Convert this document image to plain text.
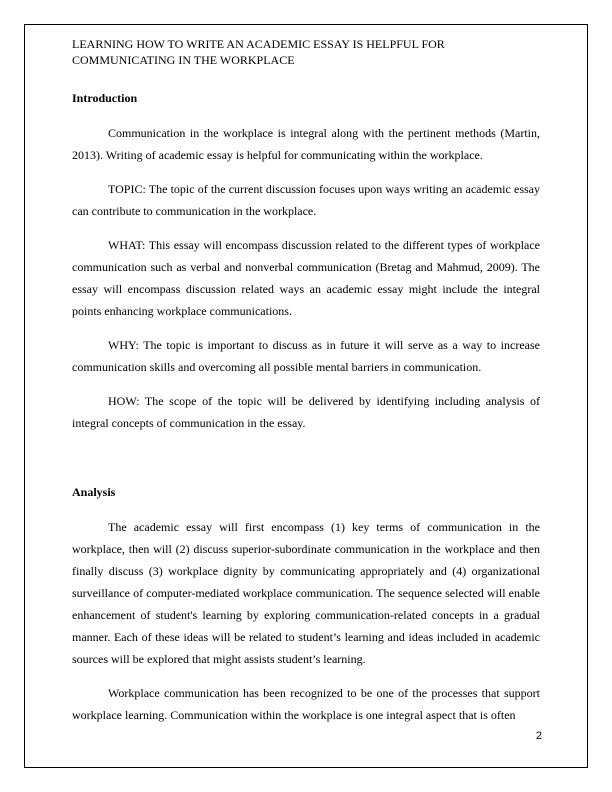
LEARNING HOW TO WRITE AN ACADEMIC ESSAY IS HELPFUL FOR COMMUNICATING IN THE WORKPLACE

Introduction

Communication in the workplace is integral along with the pertinent methods (Martin, 2013). Writing of academic essay is helpful for communicating within the workplace.

TOPIC: The topic of the current discussion focuses upon ways writing an academic essay can contribute to communication in the workplace.

WHAT: This essay will encompass discussion related to the different types of workplace communication such as verbal and nonverbal communication (Bretag and Mahmud, 2009). The essay will encompass discussion related ways an academic essay might include the integral points enhancing workplace communications.

WHY: The topic is important to discuss as in future it will serve as a way to increase communication skills and overcoming all possible mental barriers in communication.

HOW: The scope of the topic will be delivered by identifying including analysis of integral concepts of communication in the essay.

Analysis

The academic essay will first encompass (1) key terms of communication in the workplace, then will (2) discuss superior-subordinate communication in the workplace and then finally discuss (3) workplace dignity by communicating appropriately and (4) organizational surveillance of computer-mediated workplace communication. The sequence selected will enable enhancement of student's learning by exploring communication-related concepts in a gradual manner. Each of these ideas will be related to student’s learning and ideas included in academic sources will be explored that might assists student’s learning.

Workplace communication has been recognized to be one of the processes that support workplace learning. Communication within the workplace is one integral aspect that is often

2
